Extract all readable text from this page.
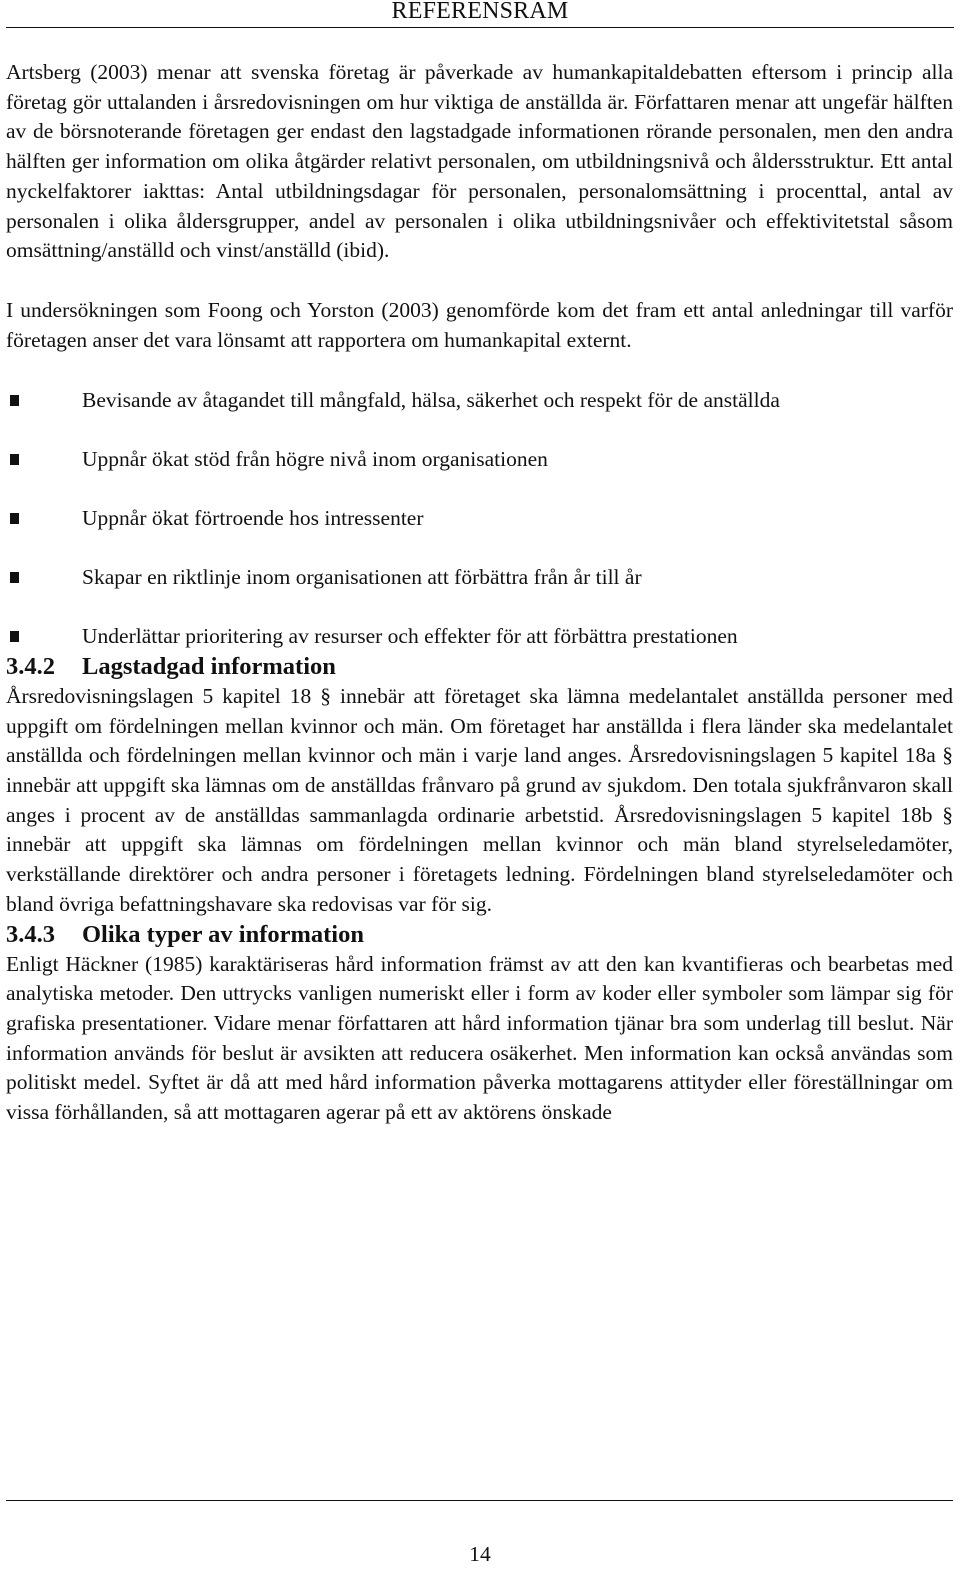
REFERENSRAM

Artsberg (2003) menar att svenska företag är påverkade av humankapitaldebatten eftersom i princip alla företag gör uttalanden i årsredovisningen om hur viktiga de anställda är. Författaren menar att ungefär hälften av de börsnoterande företagen ger endast den lagstadgade informationen rörande personalen, men den andra hälften ger information om olika åtgärder relativt personalen, om utbildningsnivå och åldersstruktur. Ett antal nyckelfaktorer iakttas: Antal utbildningsdagar för personalen, personalomsättning i procenttal, antal av personalen i olika åldersgrupper, andel av personalen i olika utbildningsnivåer och effektivitetstal såsom omsättning/anställd och vinst/anställd (ibid).

I undersökningen som Foong och Yorston (2003) genomförde kom det fram ett antal anledningar till varför företagen anser det vara lönsamt att rapportera om humankapital externt.

Bevisande av åtagandet till mångfald, hälsa, säkerhet och respekt för de anställda
Uppnår ökat stöd från högre nivå inom organisationen
Uppnår ökat förtroende hos intressenter
Skapar en riktlinje inom organisationen att förbättra från år till år
Underlättar prioritering av resurser och effekter för att förbättra prestationen
3.4.2 Lagstadgad information

Årsredovisningslagen 5 kapitel 18 § innebär att företaget ska lämna medelantalet anställda personer med uppgift om fördelningen mellan kvinnor och män. Om företaget har anställda i flera länder ska medelantalet anställda och fördelningen mellan kvinnor och män i varje land anges. Årsredovisningslagen 5 kapitel 18a § innebär att uppgift ska lämnas om de anställdas frånvaro på grund av sjukdom. Den totala sjukfrånvaron skall anges i procent av de anställdas sammanlagda ordinarie arbetstid. Årsredovisningslagen 5 kapitel 18b § innebär att uppgift ska lämnas om fördelningen mellan kvinnor och män bland styrelseledamöter, verkställande direktörer och andra personer i företagets ledning. Fördelningen bland styrelseledamöter och bland övriga befattningshavare ska redovisas var för sig.

3.4.3 Olika typer av information

Enligt Häckner (1985) karaktäriseras hård information främst av att den kan kvantifieras och bearbetas med analytiska metoder. Den uttrycks vanligen numeriskt eller i form av koder eller symboler som lämpar sig för grafiska presentationer. Vidare menar författaren att hård information tjänar bra som underlag till beslut. När information används för beslut är avsikten att reducera osäkerhet. Men information kan också användas som politiskt medel. Syftet är då att med hård information påverka mottagarens attityder eller föreställningar om vissa förhållanden, så att mottagaren agerar på ett av aktörens önskade

14
